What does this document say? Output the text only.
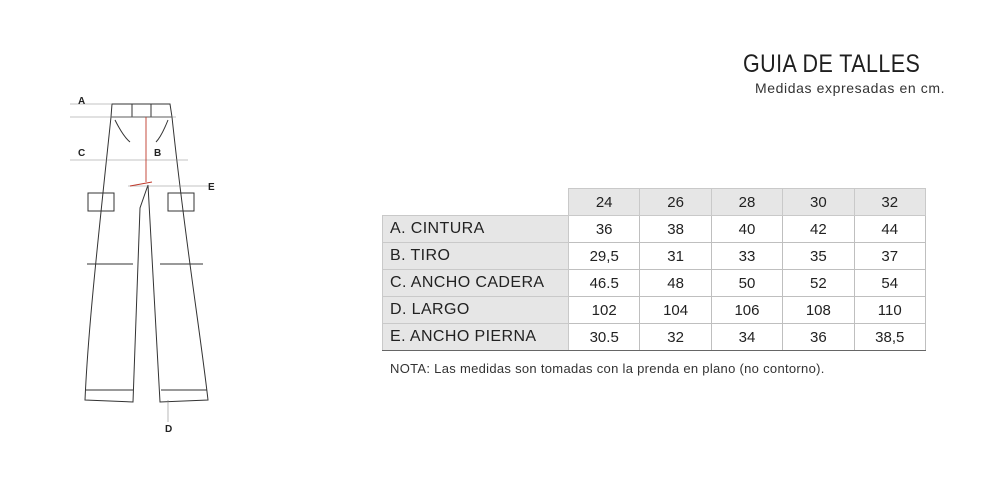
GUIA DE TALLES
Medidas expresadas en cm.
A
C	B
E
D
	24	26	28	30	32
A. CINTURA	36	38	40	42	44
B. TIRO	29,5	31	33	35	37
C. ANCHO CADERA	46.5	48	50	52	54
D. LARGO	102	104	106	108	110
E. ANCHO PIERNA	30.5	32	34	36	38,5
NOTA: Las medidas son tomadas con la prenda en plano (no contorno).
